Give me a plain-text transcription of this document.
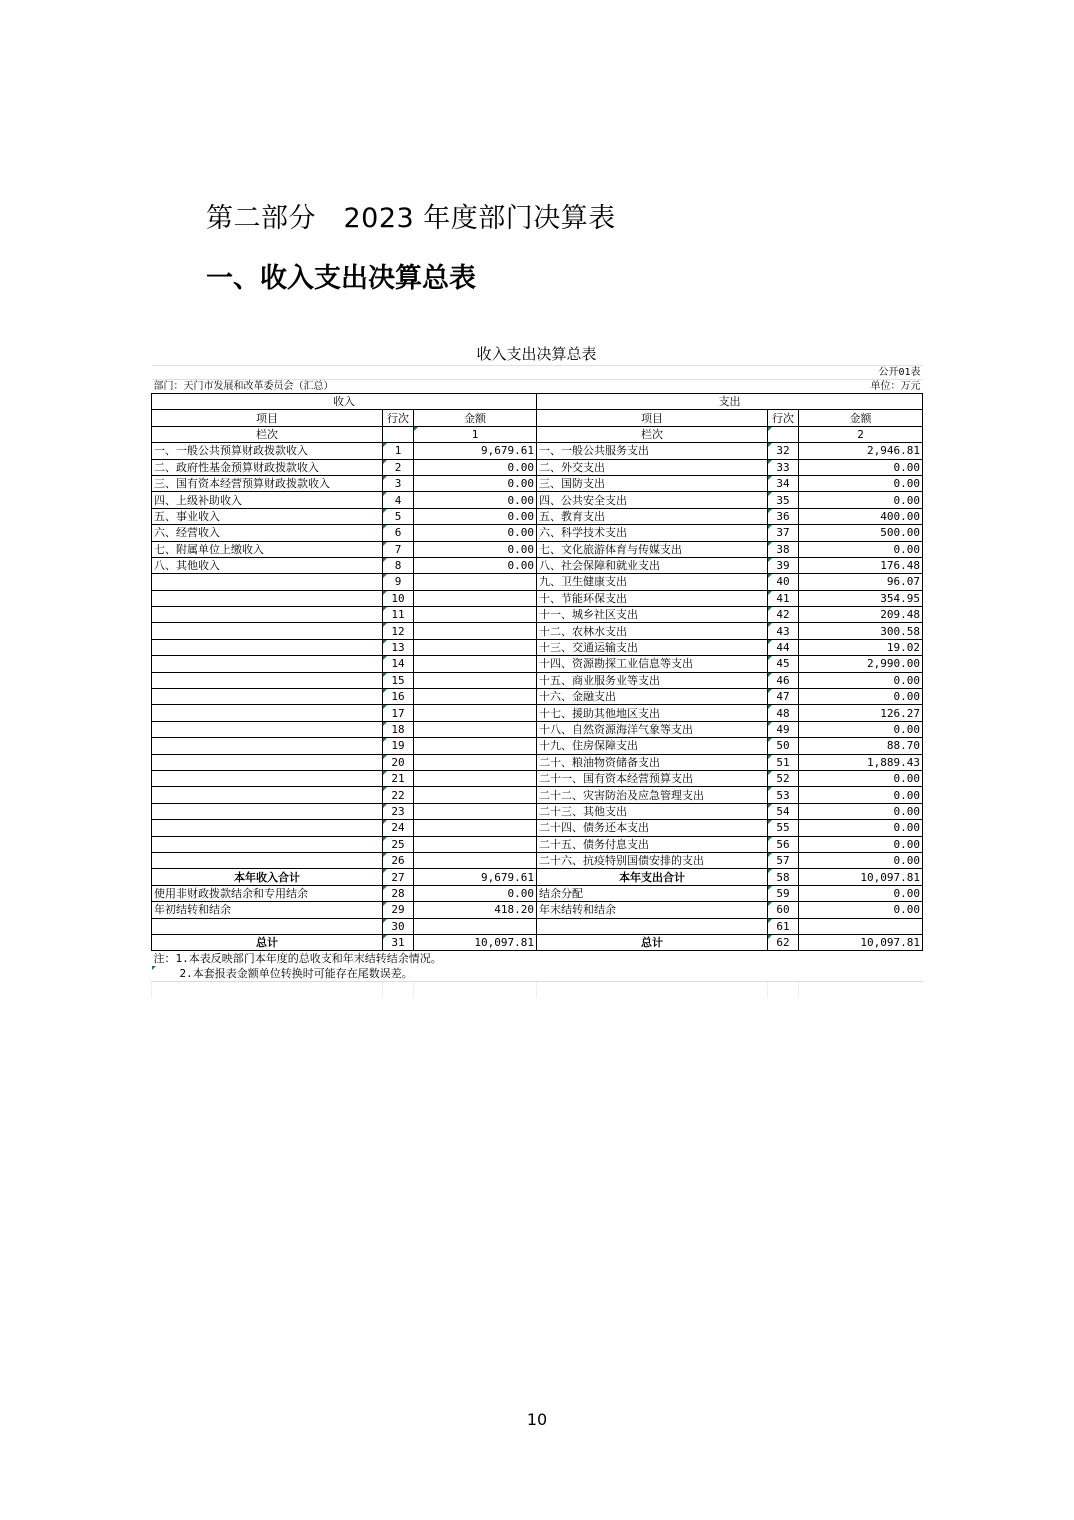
第二部分　2023 年度部门决算表
一、收入支出决算总表
收入支出决算总表
					公开01表
部门：天门市发展和改革委员会（汇总）					单位：万元
收入			支出		
项目	行次	金额	项目	行次	金额
栏次		1	栏次		2
一、一般公共预算财政拨款收入	1	9,679.61	一、一般公共服务支出	32	2,946.81
二、政府性基金预算财政拨款收入	2	0.00	二、外交支出	33	0.00
三、国有资本经营预算财政拨款收入	3	0.00	三、国防支出	34	0.00
四、上级补助收入	4	0.00	四、公共安全支出	35	0.00
五、事业收入	5	0.00	五、教育支出	36	400.00
六、经营收入	6	0.00	六、科学技术支出	37	500.00
七、附属单位上缴收入	7	0.00	七、文化旅游体育与传媒支出	38	0.00
八、其他收入	8	0.00	八、社会保障和就业支出	39	176.48
	9		九、卫生健康支出	40	96.07
	10		十、节能环保支出	41	354.95
	11		十一、城乡社区支出	42	209.48
	12		十二、农林水支出	43	300.58
	13		十三、交通运输支出	44	19.02
	14		十四、资源勘探工业信息等支出	45	2,990.00
	15		十五、商业服务业等支出	46	0.00
	16		十六、金融支出	47	0.00
	17		十七、援助其他地区支出	48	126.27
	18		十八、自然资源海洋气象等支出	49	0.00
	19		十九、住房保障支出	50	88.70
	20		二十、粮油物资储备支出	51	1,889.43
	21		二十一、国有资本经营预算支出	52	0.00
	22		二十二、灾害防治及应急管理支出	53	0.00
	23		二十三、其他支出	54	0.00
	24		二十四、债务还本支出	55	0.00
	25		二十五、债务付息支出	56	0.00
	26		二十六、抗疫特别国债安排的支出	57	0.00
本年收入合计	27	9,679.61	本年支出合计	58	10,097.81
使用非财政拨款结余和专用结余	28	0.00	结余分配	59	0.00
年初结转和结余	29	418.20	年末结转和结余	60	0.00
	30			61	
总计	31	10,097.81	总计	62	10,097.81
注：1.本表反映部门本年度的总收支和年末结转结余情况。
2.本套报表金额单位转换时可能存在尾数误差。

10
